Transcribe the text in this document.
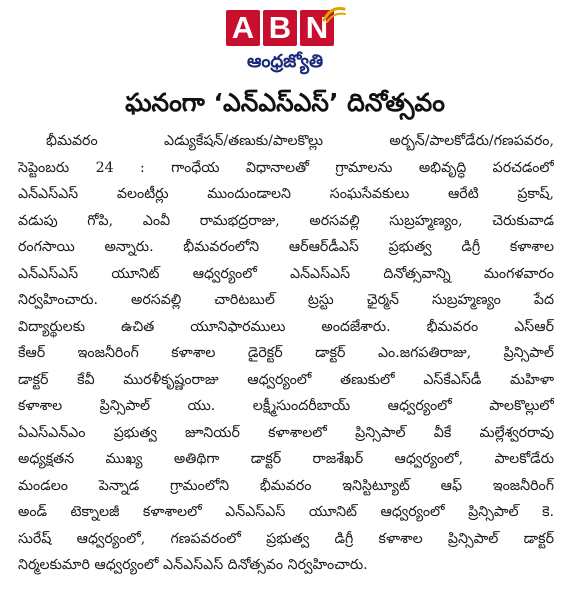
A B N
ఆంధ్రజ్యోతి
ఘనంగా ‘ఎన్‌ఎస్‌ఎస్’ దినోత్సవం
భీమవరం ఎడ్యుకేషన్/తణుకు/పాలకొల్లు అర్బన్/పాలకోడేరు/గణపవరం,
సెప్టెంబరు 24 : గాంధేయ విధానాలతో గ్రామాలను అభివృద్ధి పరచడంలో
ఎన్‌ఎస్‌ఎస్ వలంటీర్లు ముందుండాలని సంఘసేవకులు ఆరేటి ప్రకాష్,
వడుపు గోపి, ఎంవీ రామభద్రరాజు, అరసవల్లి సుబ్రహ్మణ్యం, చెరుకువాడ
రంగసాయి అన్నారు. భీమవరంలోని ఆర్‌ఆర్‌డీఎస్ ప్రభుత్వ డిగ్రీ కళాశాల
ఎన్‌ఎస్‌ఎస్ యూనిట్ ఆధ్వర్యంలో ఎన్‌ఎస్‌ఎస్ దినోత్సవాన్ని మంగళవారం
నిర్వహించారు. అరసవల్లి చారిటబుల్ ట్రస్టు ఛైర్మన్ సుబ్రహ్మణ్యం పేద
విద్యార్థులకు ఉచిత యూనిఫారములు అందజేశారు. భీమవరం ఎస్‌ఆర్
కేఆర్ ఇంజనీరింగ్ కళాశాల డైరెక్టర్ డాక్టర్ ఎం.జగపతిరాజు, ప్రిన్సిపాల్
డాక్టర్ కేవీ మురళీకృష్ణంరాజు ఆధ్వర్యంలో తణుకులో ఎస్‌కేఎస్‌డీ మహిళా
కళాశాల ప్రిన్సిపాల్ యు. లక్ష్మీసుందరీబాయ్ ఆధ్వర్యంలో పాలకొల్లులో
ఏఎస్‌ఎన్‌ఎం ప్రభుత్వ జూనియర్ కళాశాలలో ప్రిన్సిపాల్ వీకే మల్లేశ్వరరావు
అధ్యక్షతన ముఖ్య అతిథిగా డాక్టర్ రాజశేఖర్ ఆధ్వర్యంలో, పాలకోడేరు
మండలం పెన్నాడ గ్రామంలోని భీమవరం ఇనిస్టిట్యూట్ ఆఫ్ ఇంజనీరింగ్
అండ్ టెక్నాలజీ కళాశాలలో ఎన్‌ఎస్‌ఎస్ యూనిట్ ఆధ్వర్యంలో ప్రిన్సిపాల్ కె.
సురేష్ ఆధ్వర్యంలో, గణపవరంలో ప్రభుత్వ డిగ్రీ కళాశాల ప్రిన్సిపాల్ డాక్టర్
నిర్మలకుమారి ఆధ్వర్యంలో ఎన్‌ఎస్‌ఎస్ దినోత్సవం నిర్వహించారు.
